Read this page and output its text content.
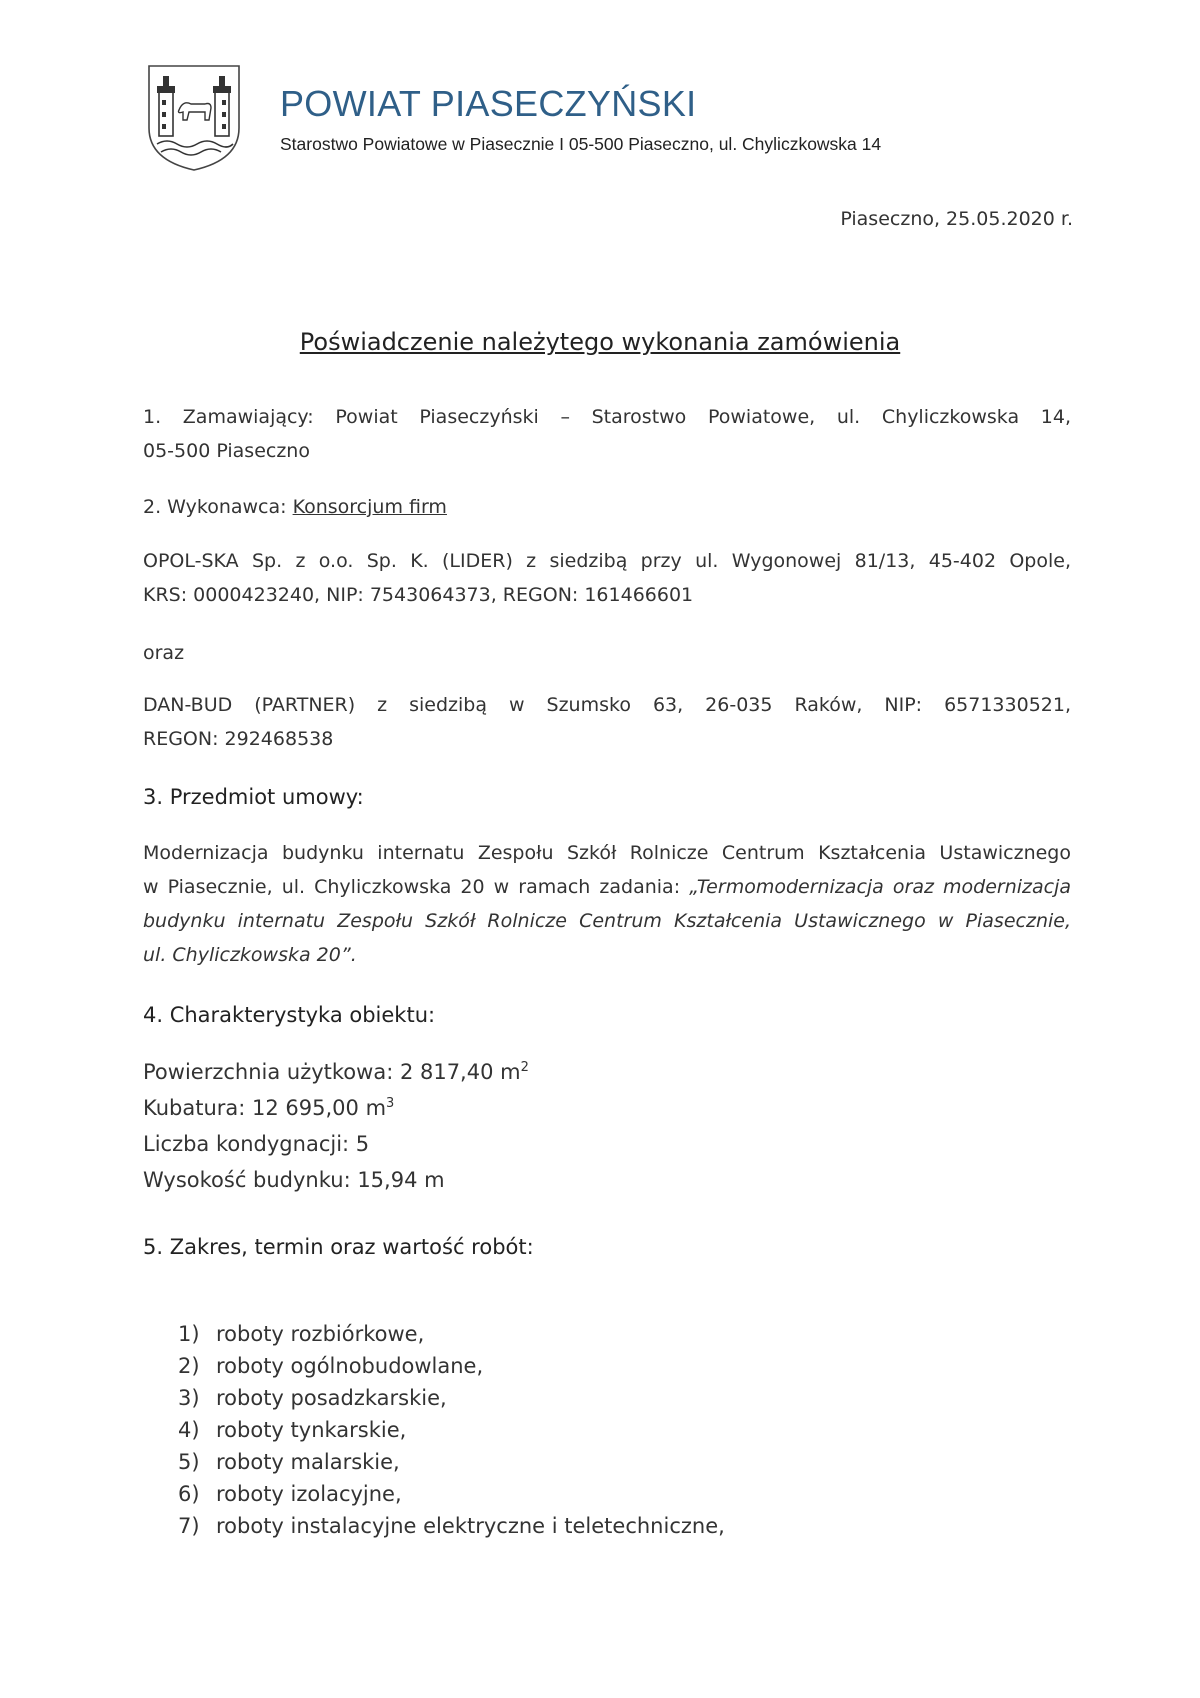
POWIAT PIASECZYŃSKI
Starostwo Powiatowe w Piasecznie I 05-500 Piaseczno, ul. Chyliczkowska 14
Piaseczno, 25.05.2020 r.
Poświadczenie należytego wykonania zamówienia
1. Zamawiający: Powiat Piaseczyński – Starostwo Powiatowe, ul. Chyliczkowska 14,
05-500 Piaseczno
2. Wykonawca: Konsorcjum firm
OPOL-SKA Sp. z o.o. Sp. K. (LIDER) z siedzibą przy ul. Wygonowej 81/13, 45-402 Opole,
KRS: 0000423240, NIP: 7543064373, REGON: 161466601
oraz
DAN-BUD (PARTNER) z siedzibą w Szumsko 63, 26-035 Raków, NIP: 6571330521,
REGON: 292468538
3. Przedmiot umowy:
Modernizacja budynku internatu Zespołu Szkół Rolnicze Centrum Kształcenia Ustawicznego
w Piasecznie, ul. Chyliczkowska 20 w ramach zadania: „Termomodernizacja oraz modernizacja
budynku internatu Zespołu Szkół Rolnicze Centrum Kształcenia Ustawicznego w Piasecznie,
ul. Chyliczkowska 20”.
4. Charakterystyka obiektu:
Powierzchnia użytkowa: 2 817,40 $m^2$
Kubatura: 12 695,00 $m^3$
Liczba kondygnacji: 5
Wysokość budynku: 15,94 m
5. Zakres, termin oraz wartość robót:
1) roboty rozbiórkowe,
2) roboty ogólnobudowlane,
3) roboty posadzkarskie,
4) roboty tynkarskie,
5) roboty malarskie,
6) roboty izolacyjne,
7) roboty instalacyjne elektryczne i teletechniczne,
